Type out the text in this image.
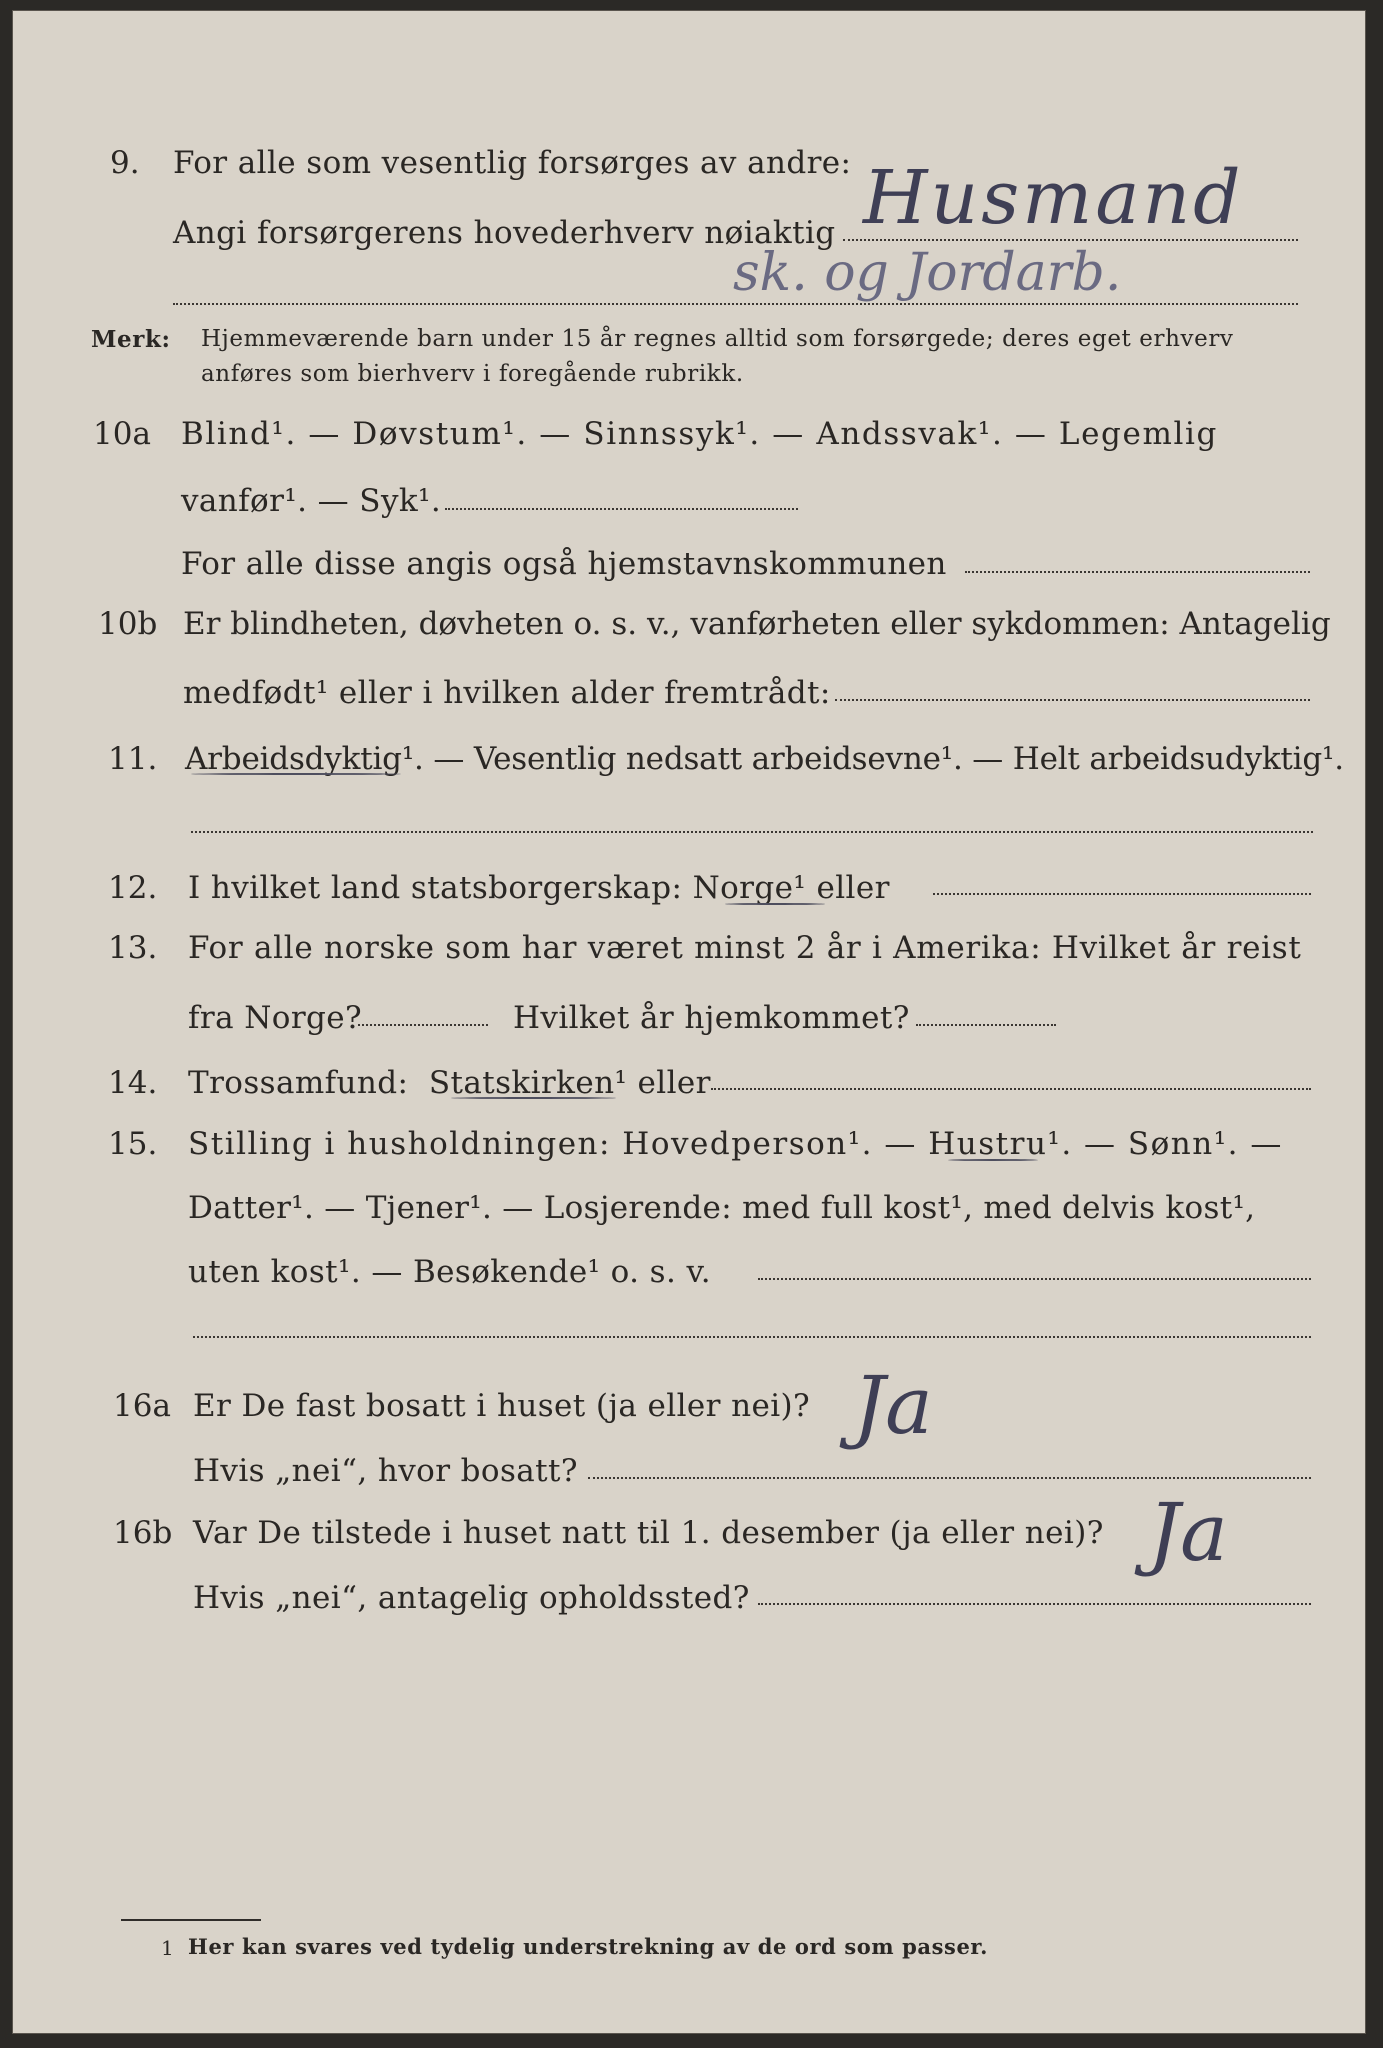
9. For alle som vesentlig forsørges av andre:
Angi forsørgerens hovederhverv nøiaktig Husmand
sk. og Jordarb.
Merk: Hjemmeværende barn under 15 år regnes alltid som forsørgede; deres eget erhverv
anføres som bierhverv i foregående rubrikk.
10a Blind¹. — Døvstum¹. — Sinnssyk¹. — Andssvak¹. — Legemlig
vanfør¹. — Syk¹.
For alle disse angis også hjemstavnskommunen
10b Er blindheten, døvheten o. s. v., vanførheten eller sykdommen: Antagelig
medfødt¹ eller i hvilken alder fremtrådt:
11. Arbeidsdyktig¹. — Vesentlig nedsatt arbeidsevne¹. — Helt arbeidsudyktig¹.
12. I hvilket land statsborgerskap: Norge¹ eller
13. For alle norske som har været minst 2 år i Amerika: Hvilket år reist
fra Norge?	Hvilket år hjemkommet?
14. Trossamfund: Statskirken¹ eller
15. Stilling i husholdningen: Hovedperson¹. — Hustru¹. — Sønn¹. —
Datter¹. — Tjener¹. — Losjerende: med full kost¹, med delvis kost¹,
uten kost¹. — Besøkende¹ o. s. v.
16a Er De fast bosatt i huset (ja eller nei)? Ja
Hvis „nei“, hvor bosatt?
16b Var De tilstede i huset natt til 1. desember (ja eller nei)? Ja
Hvis „nei“, antagelig opholdssted?
1 Her kan svares ved tydelig understrekning av de ord som passer.
